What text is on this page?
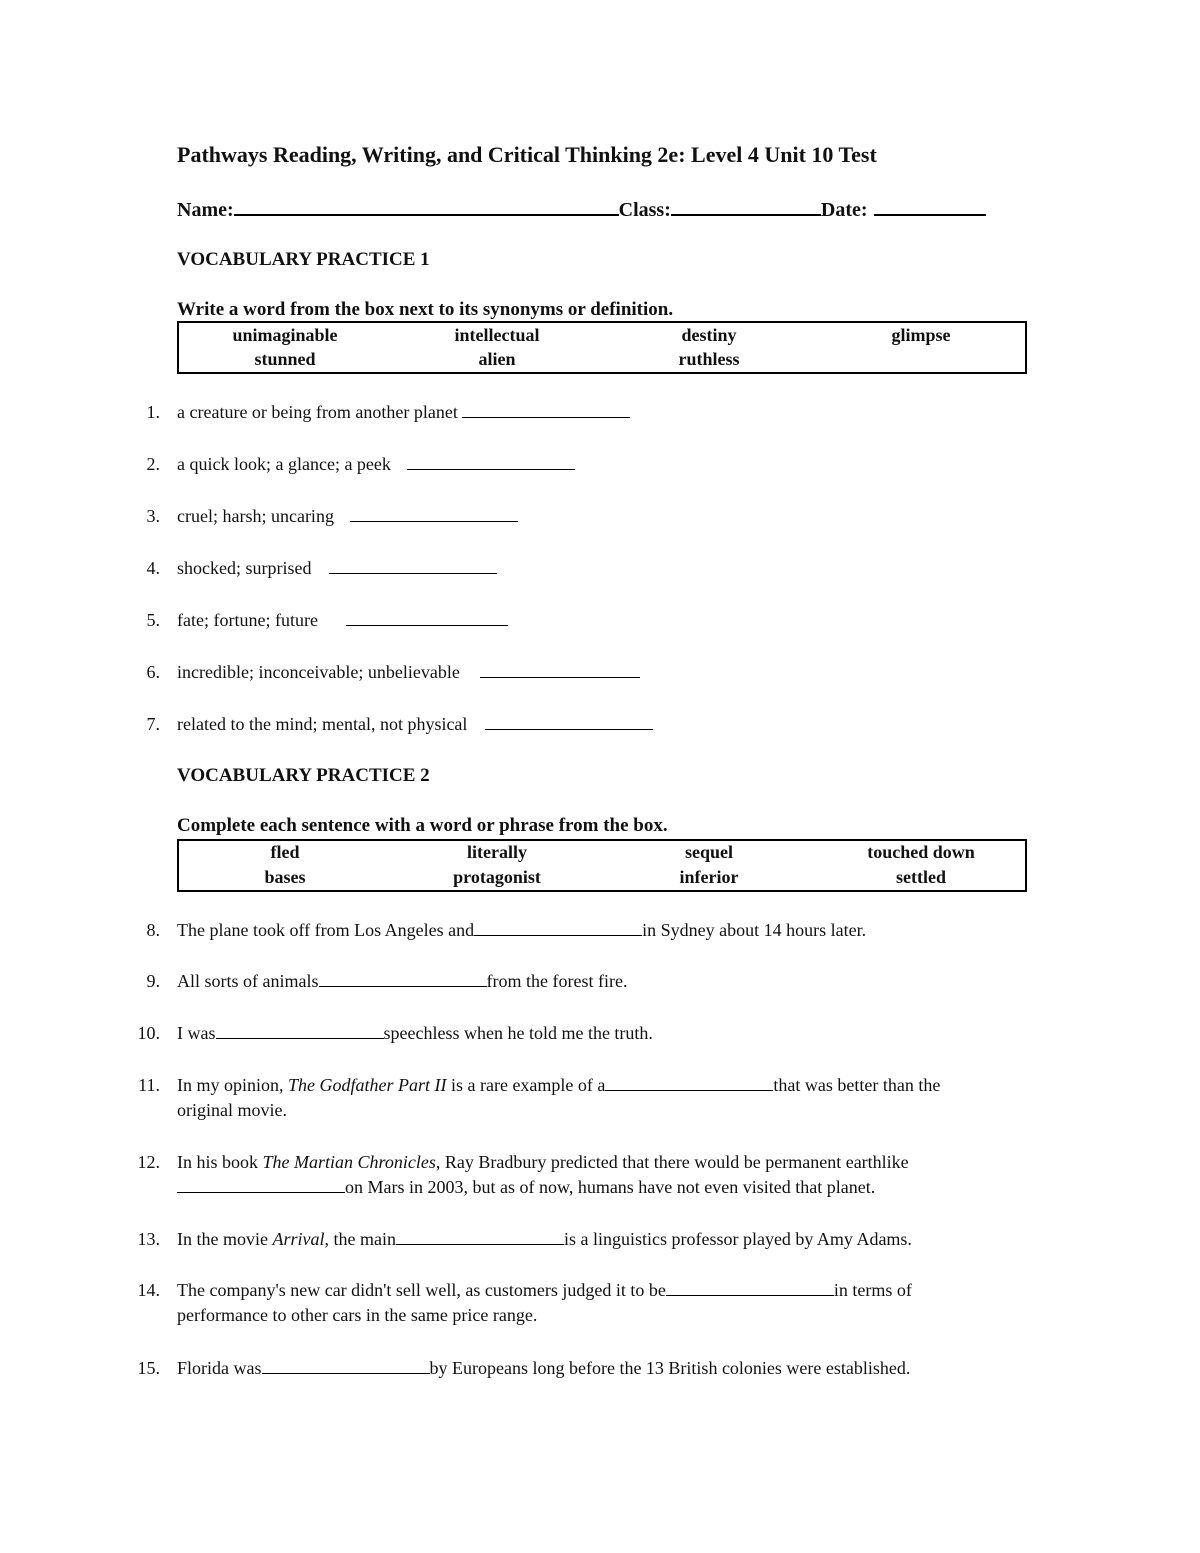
Pathways Reading, Writing, and Critical Thinking 2e: Level 4 Unit 10 Test
Name:	Class:	Date:
VOCABULARY PRACTICE 1
Write a word from the box next to its synonyms or definition.
unimaginable	intellectual	destiny	glimpse
stunned	alien	ruthless
1. a creature or being from another planet
2. a quick look; a glance; a peek
3. cruel; harsh; uncaring
4. shocked; surprised
5. fate; fortune; future
6. incredible; inconceivable; unbelievable
7. related to the mind; mental, not physical
VOCABULARY PRACTICE 2
Complete each sentence with a word or phrase from the box.
fled	literally	sequel	touched down
bases	protagonist	inferior	settled
8. The plane took off from Los Angeles and	in Sydney about 14 hours later.
9. All sorts of animals	from the forest fire.
10. I was	speechless when he told me the truth.
11. In my opinion, The Godfather Part II is a rare example of a	that was better than the
original movie.
12. In his book The Martian Chronicles, Ray Bradbury predicted that there would be permanent earthlike
on Mars in 2003, but as of now, humans have not even visited that planet.
13. In the movie Arrival, the main	is a linguistics professor played by Amy Adams.
14. The company's new car didn't sell well, as customers judged it to be	in terms of
performance to other cars in the same price range.
15. Florida was	by Europeans long before the 13 British colonies were established.
